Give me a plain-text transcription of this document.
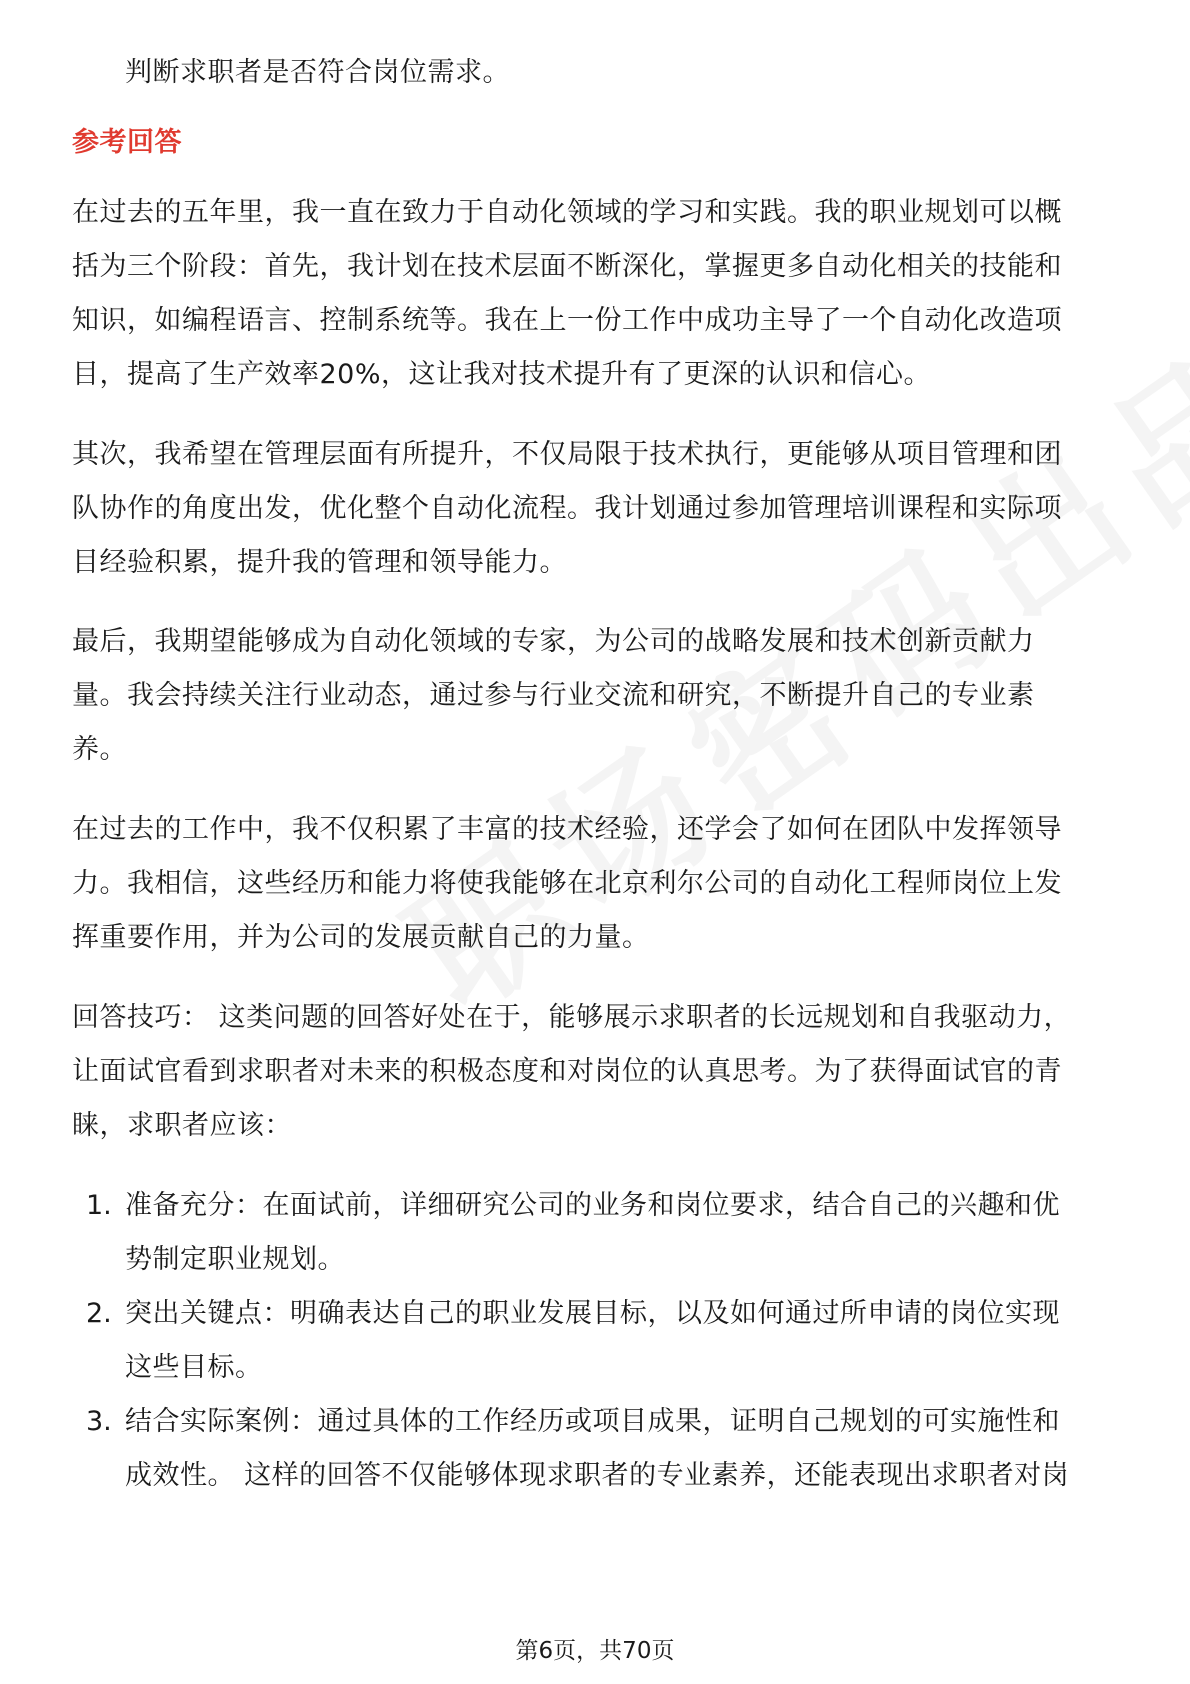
判断求职者是否符合岗位需求。
参考回答
在过去的五年里，我一直在致力于自动化领域的学习和实践。我的职业规划可以概
括为三个阶段：首先，我计划在技术层面不断深化，掌握更多自动化相关的技能和
知识，如编程语言、控制系统等。我在上一份工作中成功主导了一个自动化改造项
目，提高了生产效率20%，这让我对技术提升有了更深的认识和信心。
其次，我希望在管理层面有所提升，不仅局限于技术执行，更能够从项目管理和团
队协作的角度出发，优化整个自动化流程。我计划通过参加管理培训课程和实际项
目经验积累，提升我的管理和领导能力。
最后，我期望能够成为自动化领域的专家，为公司的战略发展和技术创新贡献力
量。我会持续关注行业动态，通过参与行业交流和研究，不断提升自己的专业素
养。
在过去的工作中，我不仅积累了丰富的技术经验，还学会了如何在团队中发挥领导
力。我相信，这些经历和能力将使我能够在北京利尔公司的自动化工程师岗位上发
挥重要作用，并为公司的发展贡献自己的力量。
回答技巧： 这类问题的回答好处在于，能够展示求职者的长远规划和自我驱动力，
让面试官看到求职者对未来的积极态度和对岗位的认真思考。为了获得面试官的青
睐，求职者应该：
1. 准备充分：在面试前，详细研究公司的业务和岗位要求，结合自己的兴趣和优
势制定职业规划。
2. 突出关键点：明确表达自己的职业发展目标，以及如何通过所申请的岗位实现
这些目标。
3. 结合实际案例：通过具体的工作经历或项目成果，证明自己规划的可实施性和
成效性。 这样的回答不仅能够体现求职者的专业素养，还能表现出求职者对岗
第6页，共70页
